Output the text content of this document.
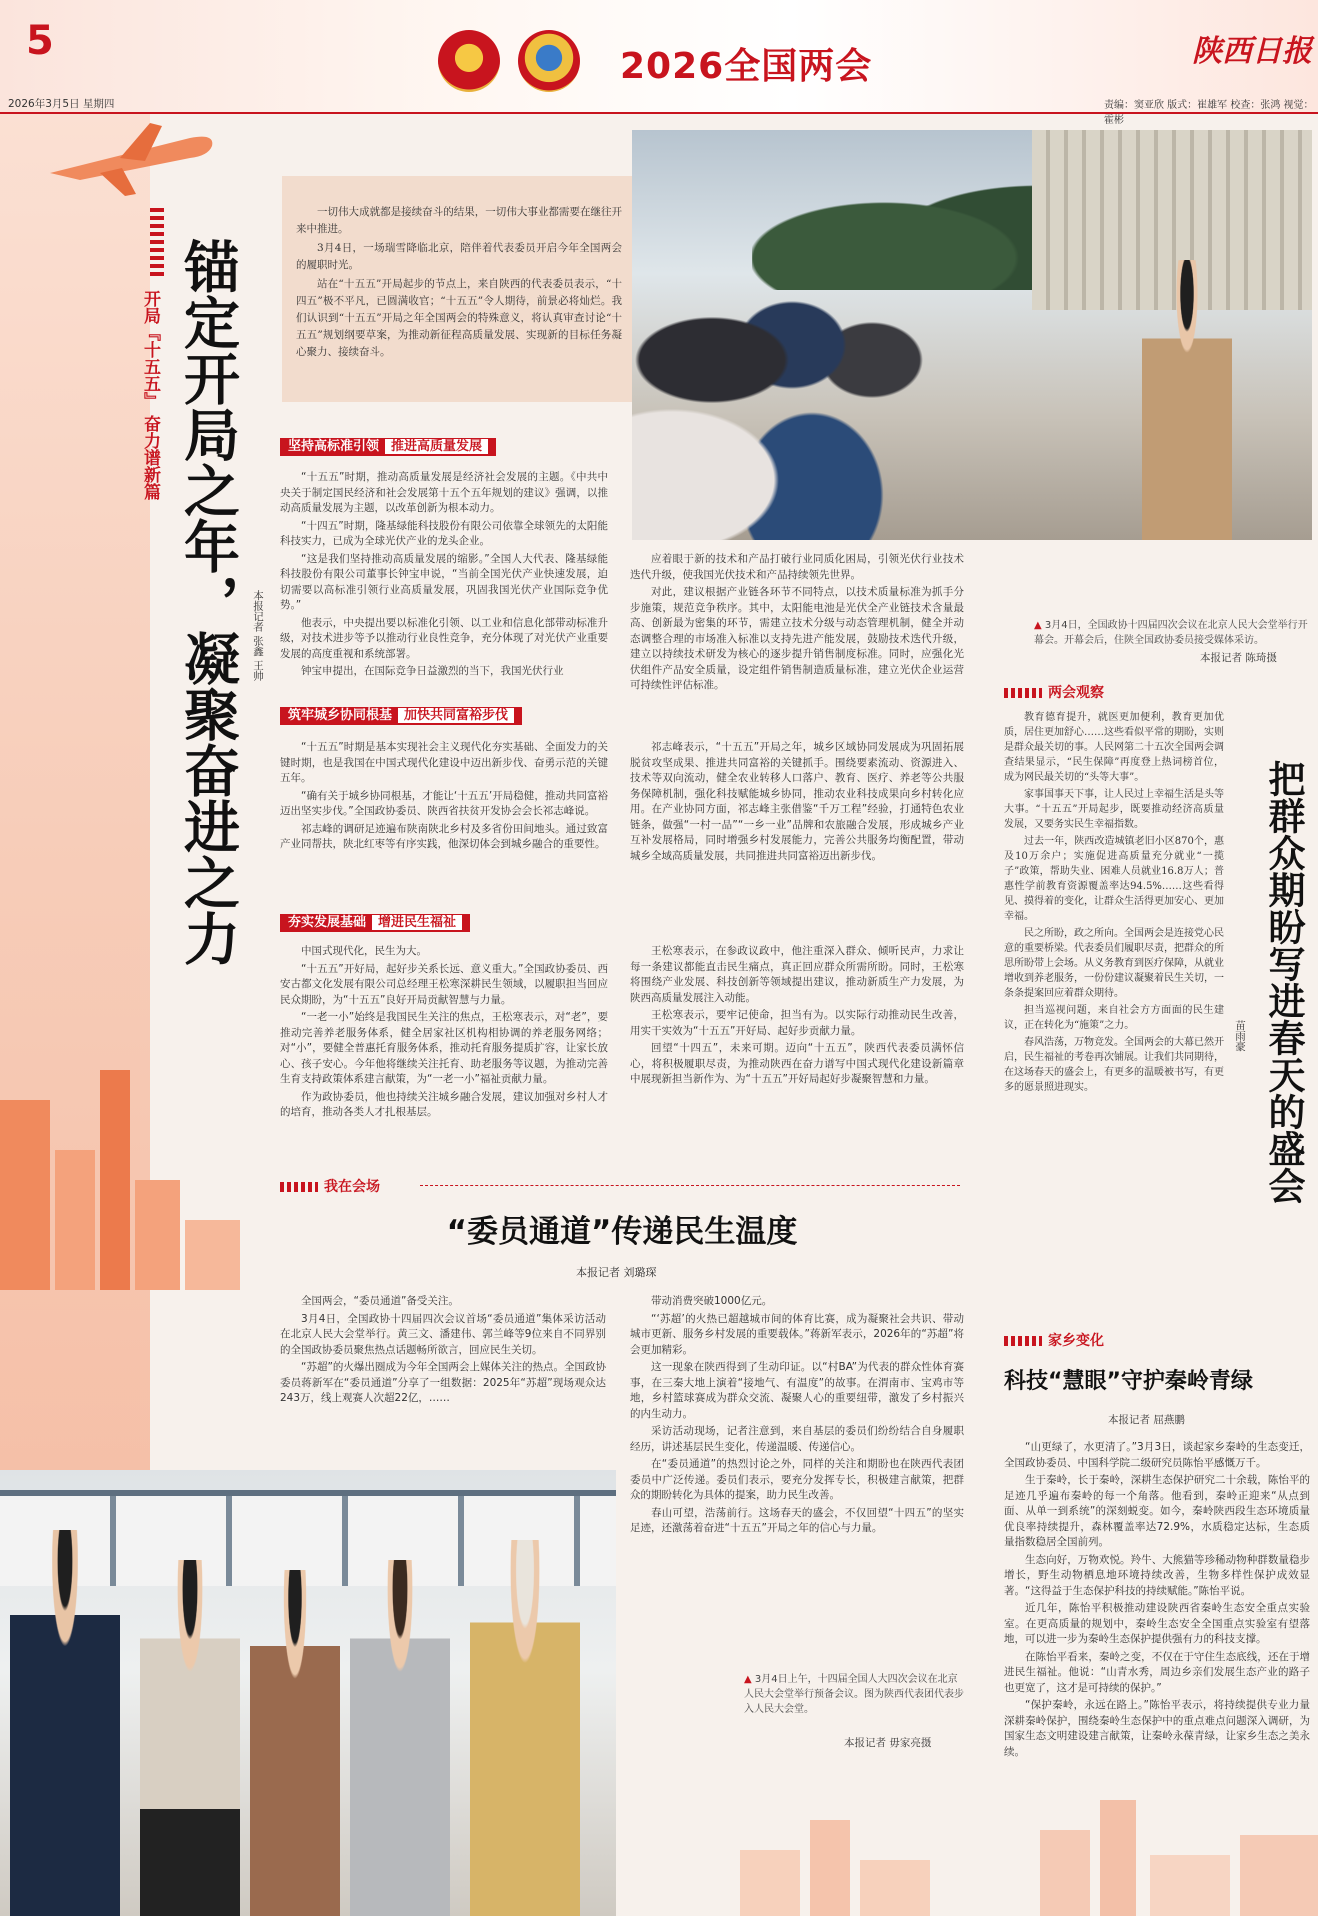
5
2026全国两会	陕西日报
2026年3月5日 星期四	责编：窦亚欣 版式：崔雄军 校查：张鸿 视觉：霍彬
开局『十五五』 奋力谱新篇 锚定开局之年，凝聚奋进之力

一切伟大成就都是接续奋斗的结果，一切伟大事业都需要在继往开来中推进。

3月4日，一场瑞雪降临北京，陪伴着代表委员开启今年全国两会的履职时光。

站在“十五五”开局起步的节点上，来自陕西的代表委员表示，“十四五”极不平凡，已圆满收官；“十五五”令人期待，前景必将灿烂。我们认识到“十五五”开局之年全国两会的特殊意义，将认真审查讨论“十五五”规划纲要草案，为推动新征程高质量发展、实现新的目标任务凝心聚力、接续奋斗。

▲ 3月4日，全国政协十四届四次会议在北京人民大会堂举行开幕会。开幕会后，住陕全国政协委员接受媒体采访。
本报记者 陈琦摄
本报记者 张鑫 王帅
坚持高标准引领 推进高质量发展

“十五五”时期，推动高质量发展是经济社会发展的主题。《中共中央关于制定国民经济和社会发展第十五个五年规划的建议》强调，以推动高质量发展为主题，以改革创新为根本动力。

“十四五”时期，隆基绿能科技股份有限公司依靠全球领先的太阳能科技实力，已成为全球光伏产业的龙头企业。

“这是我们坚持推动高质量发展的缩影。”全国人大代表、隆基绿能科技股份有限公司董事长钟宝申说，“当前全国光伏产业快速发展，迫切需要以高标准引领行业高质量发展，巩固我国光伏产业国际竞争优势。”

他表示，中央提出要以标准化引领、以工业和信息化部带动标准升级，对技术进步等予以推动行业良性竞争，充分体现了对光伏产业重要发展的高度重视和系统部署。

钟宝申提出，在国际竞争日益激烈的当下，我国光伏行业

应着眼于新的技术和产品打破行业同质化困局，引领光伏行业技术迭代升级，使我国光伏技术和产品持续领先世界。

对此，建议根据产业链各环节不同特点，以技术质量标准为抓手分步施策，规范竞争秩序。其中，太阳能电池是光伏全产业链技术含量最高、创新最为密集的环节，需建立技术分级与动态管理机制，健全并动态调整合理的市场准入标准以支持先进产能发展，鼓励技术迭代升级，建立以持续技术研发为核心的逐步提升销售制度标准。同时，应强化光伏组件产品安全质量，设定组件销售制造质量标准，建立光伏企业运营可持续性评估标准。

筑牢城乡协同根基 加快共同富裕步伐

“十五五”时期是基本实现社会主义现代化夯实基础、全面发力的关键时期，也是我国在中国式现代化建设中迈出新步伐、奋勇示范的关键五年。

“确有关于城乡协同根基，才能让‘十五五’开局稳健，推动共同富裕迈出坚实步伐。”全国政协委员、陕西省扶贫开发协会会长祁志峰说。

祁志峰的调研足迹遍布陕南陕北乡村及多省份田间地头。通过致富产业同帮扶，陕北红枣等有序实践，他深切体会到城乡融合的重要性。

祁志峰表示，“十五五”开局之年，城乡区域协同发展成为巩固拓展脱贫攻坚成果、推进共同富裕的关键抓手。围绕要素流动、资源进入、技术等双向流动，健全农业转移人口落户、教育、医疗、养老等公共服务保障机制，强化科技赋能城乡协同，推动农业科技成果向乡村转化应用。在产业协同方面，祁志峰主张借鉴“千万工程”经验，打通特色农业链条，做强“一村一品”“一乡一业”品牌和农旅融合发展，形成城乡产业互补发展格局，同时增强乡村发展能力，完善公共服务均衡配置，带动城乡全域高质量发展，共同推进共同富裕迈出新步伐。

夯实发展基础 增进民生福祉

中国式现代化，民生为大。

“十五五”开好局，起好步关系长远、意义重大。”全国政协委员、西安古都文化发展有限公司总经理王松寒深耕民生领域，以履职担当回应民众期盼，为“十五五”良好开局贡献智慧与力量。

“一老一小”始终是我国民生关注的焦点，王松寒表示，对“老”，要推动完善养老服务体系，健全居家社区机构相协调的养老服务网络；对“小”，要健全普惠托育服务体系，推动托育服务提质扩容，让家长放心、孩子安心。今年他将继续关注托育、助老服务等议题，为推动完善生育支持政策体系建言献策，为“一老一小”福祉贡献力量。

作为政协委员，他也持续关注城乡融合发展，建议加强对乡村人才的培育，推动各类人才扎根基层。

王松寒表示，在参政议政中，他注重深入群众、倾听民声，力求让每一条建议都能直击民生痛点，真正回应群众所需所盼。同时，王松寒将围绕产业发展、科技创新等领域提出建议，推动新质生产力发展，为陕西高质量发展注入动能。

王松寒表示，要牢记使命，担当有为。以实际行动推动民生改善，用实干实效为“十五五”开好局、起好步贡献力量。

回望“十四五”，未来可期。迈向“十五五”，陕西代表委员满怀信心，将积极履职尽责，为推动陕西在奋力谱写中国式现代化建设新篇章中展现新担当新作为、为“十五五”开好局起好步凝聚智慧和力量。

我在会场
“委员通道”传递民生温度
本报记者 刘璐琛

全国两会，“委员通道”备受关注。

3月4日，全国政协十四届四次会议首场“委员通道”集体采访活动在北京人民大会堂举行。黄三文、潘建伟、郭兰峰等9位来自不同界别的全国政协委员聚焦热点话题畅所欲言，回应民生关切。

“苏超”的火爆出圈成为今年全国两会上媒体关注的热点。全国政协委员蒋新军在“委员通道”分享了一组数据：2025年“苏超”现场观众达243万，线上观赛人次超22亿，……

带动消费突破1000亿元。

“‘苏超’的火热已超越城市间的体育比赛，成为凝聚社会共识、带动城市更新、服务乡村发展的重要载体。”蒋新军表示，2026年的“苏超”将会更加精彩。

这一现象在陕西得到了生动印证。以“村BA”为代表的群众性体育赛事，在三秦大地上演着“接地气、有温度”的故事。在渭南市、宝鸡市等地，乡村篮球赛成为群众交流、凝聚人心的重要纽带，激发了乡村振兴的内生动力。

采访活动现场，记者注意到，来自基层的委员们纷纷结合自身履职经历，讲述基层民生变化，传递温暖、传递信心。

在“委员通道”的热烈讨论之外，同样的关注和期盼也在陕西代表团委员中广泛传递。委员们表示，要充分发挥专长，积极建言献策，把群众的期盼转化为具体的提案，助力民生改善。

春山可望，浩荡前行。这场春天的盛会，不仅回望“十四五”的坚实足迹，还激荡着奋进“十五五”开局之年的信心与力量。

▲ 3月4日上午，十四届全国人大四次会议在北京人民大会堂举行预备会议。图为陕西代表团代表步入人民大会堂。
本报记者 毋家亮摄
两会观察

教育德育提升，就医更加便利，教育更加优质，居住更加舒心……这些看似平常的期盼，实则是群众最关切的事。人民网第二十五次全国两会调查结果显示，“民生保障”再度登上热词榜首位，成为网民最关切的“头等大事”。

家事国事天下事，让人民过上幸福生活是头等大事。“十五五”开局起步，既要推动经济高质量发展，又要务实民生幸福指数。

过去一年，陕西改造城镇老旧小区870个，惠及10万余户；实施促进高质量充分就业“一揽子”政策，帮助失业、困难人员就业16.8万人；普惠性学前教育资源覆盖率达94.5%……这些看得见、摸得着的变化，让群众生活得更加安心、更加幸福。

民之所盼，政之所向。全国两会是连接党心民意的重要桥梁。代表委员们履职尽责，把群众的所思所盼带上会场。从义务教育到医疗保障，从就业增收到养老服务，一份份建议凝聚着民生关切，一条条提案回应着群众期待。

担当巡视问题，来自社会方方面面的民生建议，正在转化为“施策”之力。

春风浩荡，万物竞发。全国两会的大幕已然开启，民生福祉的考卷再次铺展。让我们共同期待，在这场春天的盛会上，有更多的温暖被书写，有更多的愿景照进现实。

苗雨豪 把群众期盼写进春天的盛会
家乡变化
科技“慧眼”守护秦岭青绿
本报记者 屈燕鹏

“山更绿了，水更清了。”3月3日，谈起家乡秦岭的生态变迁，全国政协委员、中国科学院二级研究员陈怡平感慨万千。

生于秦岭，长于秦岭，深耕生态保护研究二十余载，陈怡平的足迹几乎遍布秦岭的每一个角落。他看到，秦岭正迎来“从点到面、从单一到系统”的深刻蜕变。如今，秦岭陕西段生态环境质量优良率持续提升，森林覆盖率达72.9%，水质稳定达标，生态质量指数稳居全国前列。

生态向好，万物欢悦。羚牛、大熊猫等珍稀动物种群数量稳步增长，野生动物栖息地环境持续改善，生物多样性保护成效显著。“这得益于生态保护科技的持续赋能。”陈怡平说。

近几年，陈怡平积极推动建设陕西省秦岭生态安全重点实验室。在更高质量的规划中，秦岭生态安全全国重点实验室有望落地，可以进一步为秦岭生态保护提供强有力的科技支撑。

在陈怡平看来，秦岭之变，不仅在于守住生态底线，还在于增进民生福祉。他说：“山青水秀，周边乡亲们发展生态产业的路子也更宽了，这才是可持续的保护。”

“保护秦岭，永远在路上。”陈怡平表示，将持续提供专业力量深耕秦岭保护，围绕秦岭生态保护中的重点难点问题深入调研，为国家生态文明建设建言献策，让秦岭永葆青绿，让家乡生态之美永续。
